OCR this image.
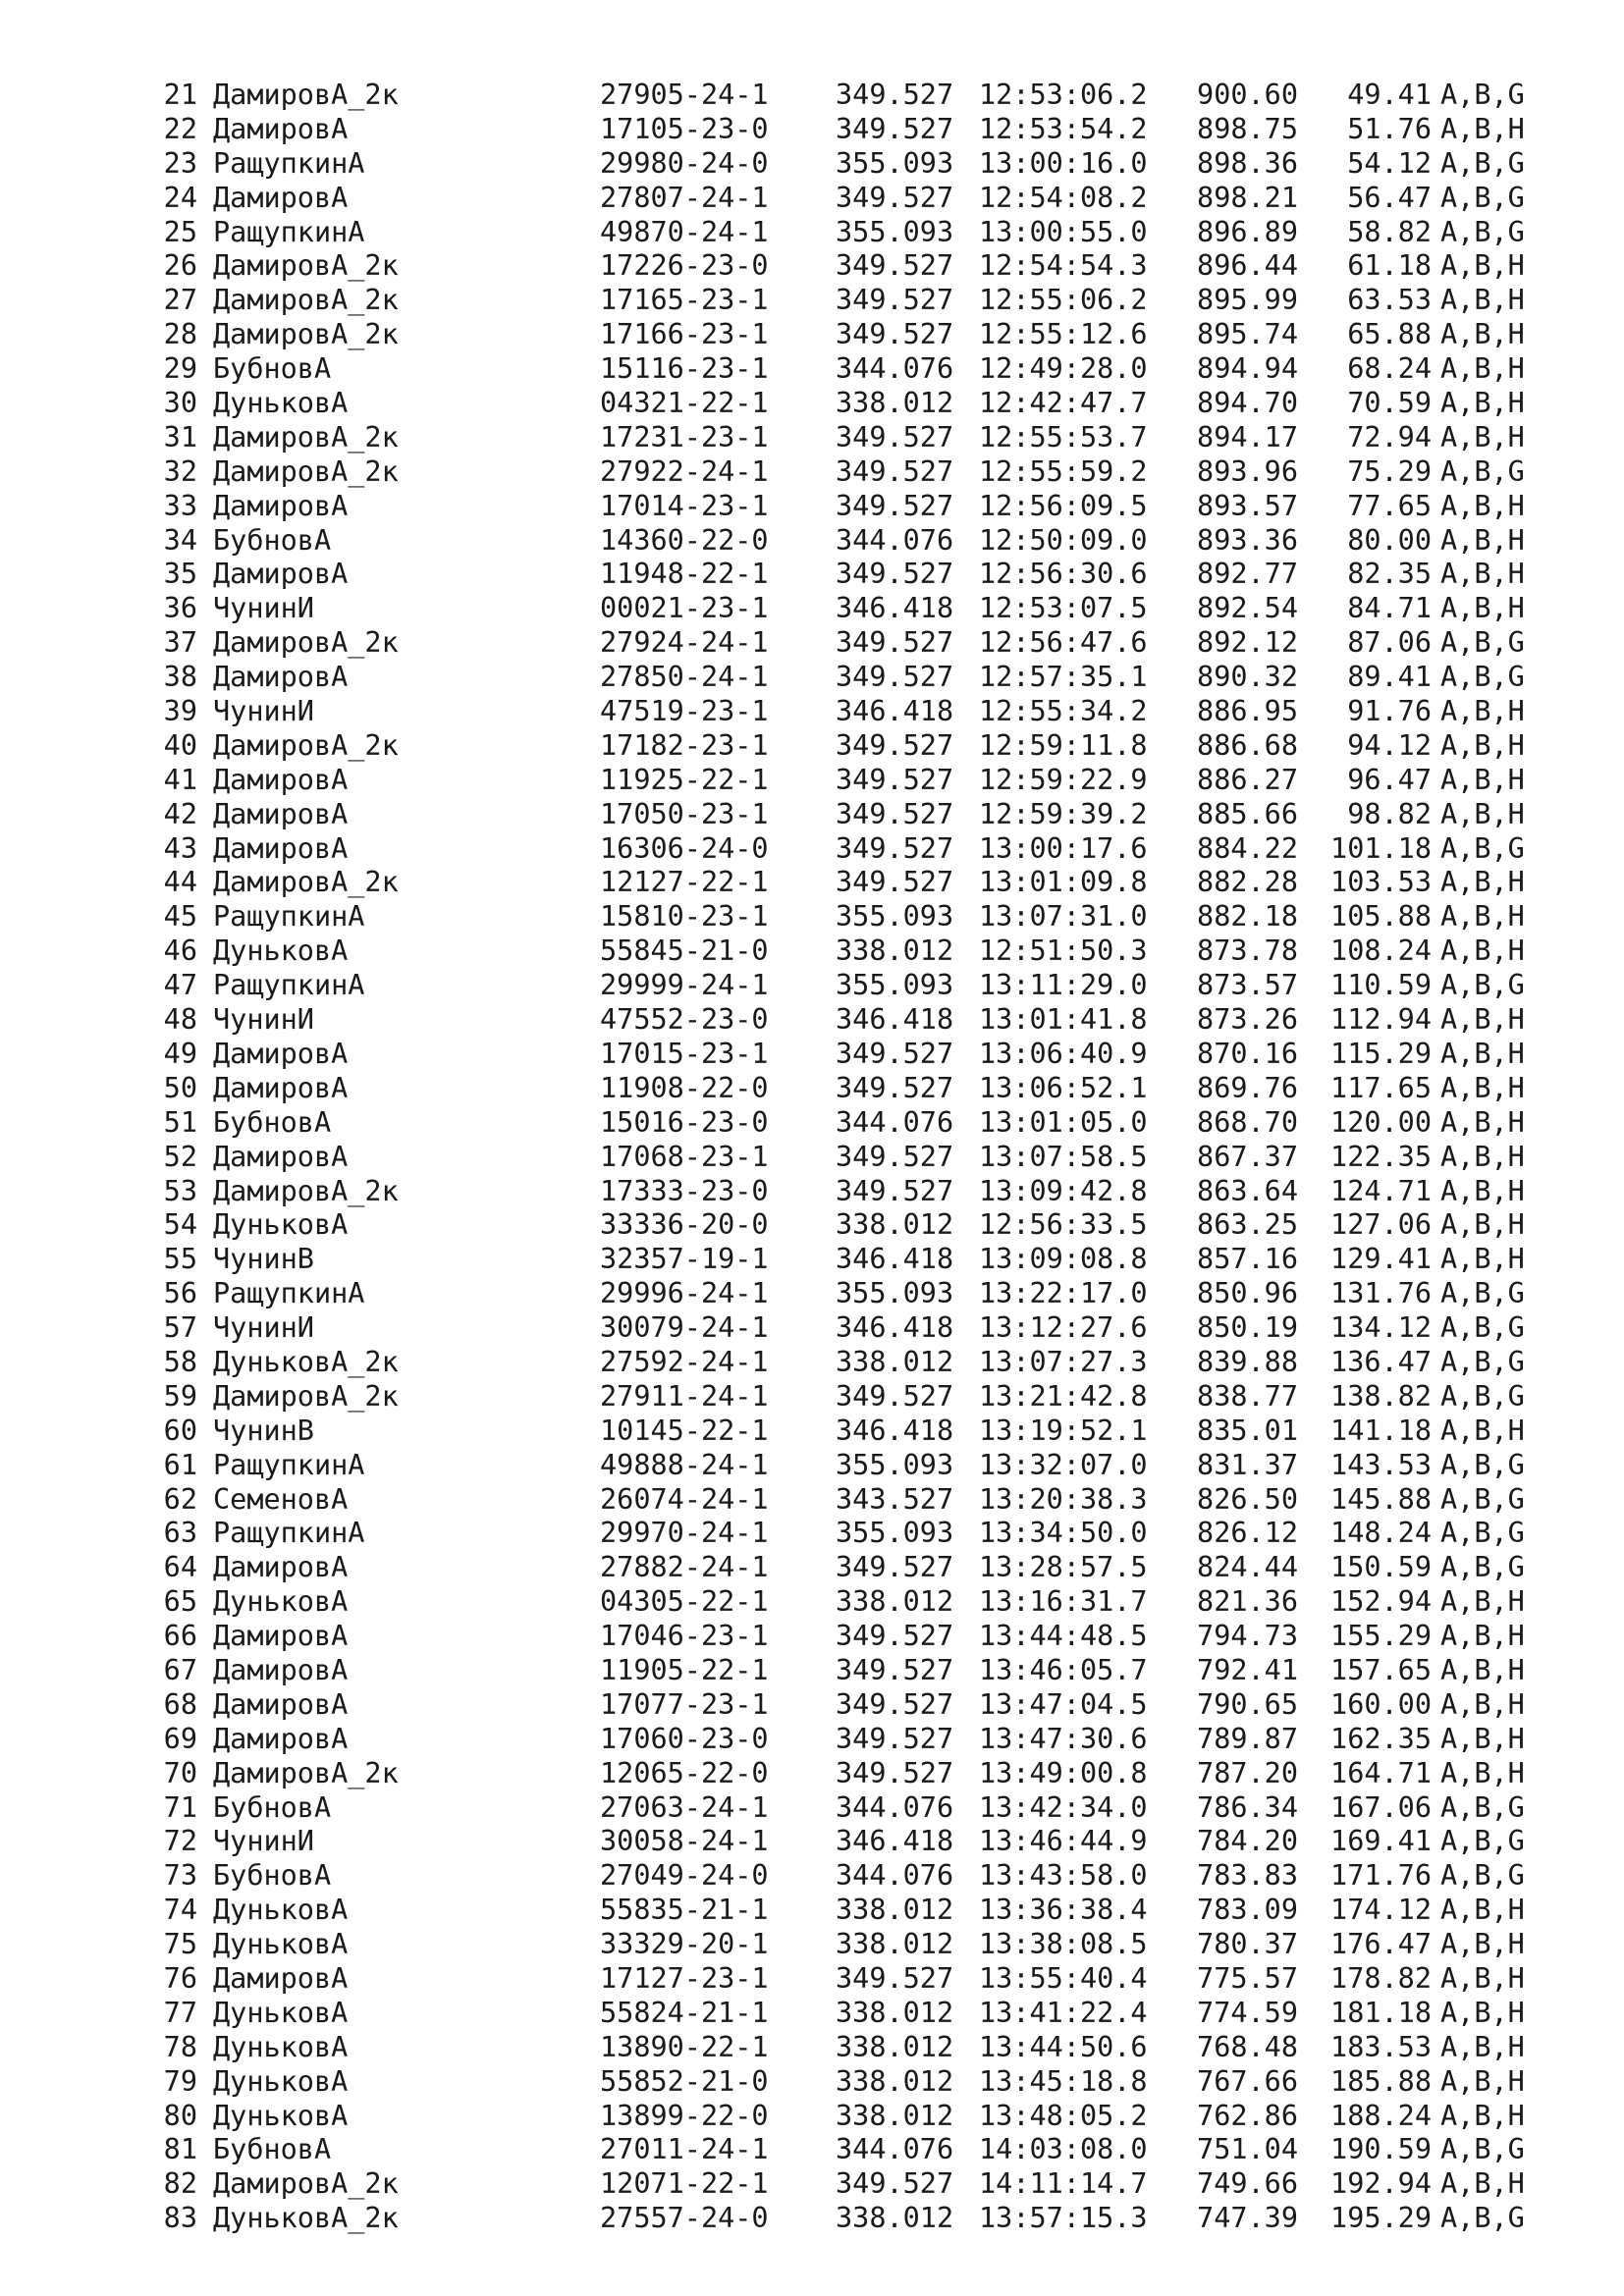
21 ДамировА_2к	27905-24-1 349.527 12:53:06.2	900.60	49.41 A,B,G
22 ДамировА	17105-23-0 349.527 12:53:54.2	898.75	51.76 A,B,H
23 РащупкинА	29980-24-0 355.093 13:00:16.0	898.36	54.12 A,B,G
24 ДамировА	27807-24-1 349.527 12:54:08.2	898.21	56.47 A,B,G
25 РащупкинА	49870-24-1 355.093 13:00:55.0	896.89	58.82 A,B,G
26 ДамировА_2к	17226-23-0 349.527 12:54:54.3	896.44	61.18 A,B,H
27 ДамировА_2к	17165-23-1 349.527 12:55:06.2	895.99	63.53 A,B,H
28 ДамировА_2к	17166-23-1 349.527 12:55:12.6	895.74	65.88 A,B,H
29 БубновА	15116-23-1 344.076 12:49:28.0	894.94	68.24 A,B,H
30 ДуньковА	04321-22-1 338.012 12:42:47.7	894.70	70.59 A,B,H
31 ДамировА_2к	17231-23-1 349.527 12:55:53.7	894.17	72.94 A,B,H
32 ДамировА_2к	27922-24-1 349.527 12:55:59.2	893.96	75.29 A,B,G
33 ДамировА	17014-23-1 349.527 12:56:09.5	893.57	77.65 A,B,H
34 БубновА	14360-22-0 344.076 12:50:09.0	893.36	80.00 A,B,H
35 ДамировА	11948-22-1 349.527 12:56:30.6	892.77	82.35 A,B,H
36 ЧунинИ	00021-23-1 346.418 12:53:07.5	892.54	84.71 A,B,H
37 ДамировА_2к	27924-24-1 349.527 12:56:47.6	892.12	87.06 A,B,G
38 ДамировА	27850-24-1 349.527 12:57:35.1	890.32	89.41 A,B,G
39 ЧунинИ	47519-23-1 346.418 12:55:34.2	886.95	91.76 A,B,H
40 ДамировА_2к	17182-23-1 349.527 12:59:11.8	886.68	94.12 A,B,H
41 ДамировА	11925-22-1 349.527 12:59:22.9	886.27	96.47 A,B,H
42 ДамировА	17050-23-1 349.527 12:59:39.2	885.66	98.82 A,B,H
43 ДамировА	16306-24-0 349.527 13:00:17.6	884.22	101.18 A,B,G
44 ДамировА_2к	12127-22-1 349.527 13:01:09.8	882.28	103.53 A,B,H
45 РащупкинА	15810-23-1 355.093 13:07:31.0	882.18	105.88 A,B,H
46 ДуньковА	55845-21-0 338.012 12:51:50.3	873.78	108.24 A,B,H
47 РащупкинА	29999-24-1 355.093 13:11:29.0	873.57	110.59 A,B,G
48 ЧунинИ	47552-23-0 346.418 13:01:41.8	873.26	112.94 A,B,H
49 ДамировА	17015-23-1 349.527 13:06:40.9	870.16	115.29 A,B,H
50 ДамировА	11908-22-0 349.527 13:06:52.1	869.76	117.65 A,B,H
51 БубновА	15016-23-0 344.076 13:01:05.0	868.70	120.00 A,B,H
52 ДамировА	17068-23-1 349.527 13:07:58.5	867.37	122.35 A,B,H
53 ДамировА_2к	17333-23-0 349.527 13:09:42.8	863.64	124.71 A,B,H
54 ДуньковА	33336-20-0 338.012 12:56:33.5	863.25	127.06 A,B,H
55 ЧунинВ	32357-19-1 346.418 13:09:08.8	857.16	129.41 A,B,H
56 РащупкинА	29996-24-1 355.093 13:22:17.0	850.96	131.76 A,B,G
57 ЧунинИ	30079-24-1 346.418 13:12:27.6	850.19	134.12 A,B,G
58 ДуньковА_2к	27592-24-1 338.012 13:07:27.3	839.88	136.47 A,B,G
59 ДамировА_2к	27911-24-1 349.527 13:21:42.8	838.77	138.82 A,B,G
60 ЧунинВ	10145-22-1 346.418 13:19:52.1	835.01	141.18 A,B,H
61 РащупкинА	49888-24-1 355.093 13:32:07.0	831.37	143.53 A,B,G
62 СеменовА	26074-24-1 343.527 13:20:38.3	826.50	145.88 A,B,G
63 РащупкинА	29970-24-1 355.093 13:34:50.0	826.12	148.24 A,B,G
64 ДамировА	27882-24-1 349.527 13:28:57.5	824.44	150.59 A,B,G
65 ДуньковА	04305-22-1 338.012 13:16:31.7	821.36	152.94 A,B,H
66 ДамировА	17046-23-1 349.527 13:44:48.5	794.73	155.29 A,B,H
67 ДамировА	11905-22-1 349.527 13:46:05.7	792.41	157.65 A,B,H
68 ДамировА	17077-23-1 349.527 13:47:04.5	790.65	160.00 A,B,H
69 ДамировА	17060-23-0 349.527 13:47:30.6	789.87	162.35 A,B,H
70 ДамировА_2к	12065-22-0 349.527 13:49:00.8	787.20	164.71 A,B,H
71 БубновА	27063-24-1 344.076 13:42:34.0	786.34	167.06 A,B,G
72 ЧунинИ	30058-24-1 346.418 13:46:44.9	784.20	169.41 A,B,G
73 БубновА	27049-24-0 344.076 13:43:58.0	783.83	171.76 A,B,G
74 ДуньковА	55835-21-1 338.012 13:36:38.4	783.09	174.12 A,B,H
75 ДуньковА	33329-20-1 338.012 13:38:08.5	780.37	176.47 A,B,H
76 ДамировА	17127-23-1 349.527 13:55:40.4	775.57	178.82 A,B,H
77 ДуньковА	55824-21-1 338.012 13:41:22.4	774.59	181.18 A,B,H
78 ДуньковА	13890-22-1 338.012 13:44:50.6	768.48	183.53 A,B,H
79 ДуньковА	55852-21-0 338.012 13:45:18.8	767.66	185.88 A,B,H
80 ДуньковА	13899-22-0 338.012 13:48:05.2	762.86	188.24 A,B,H
81 БубновА	27011-24-1 344.076 14:03:08.0	751.04	190.59 A,B,G
82 ДамировА_2к	12071-22-1 349.527 14:11:14.7	749.66	192.94 A,B,H
83 ДуньковА_2к	27557-24-0 338.012 13:57:15.3	747.39	195.29 A,B,G
